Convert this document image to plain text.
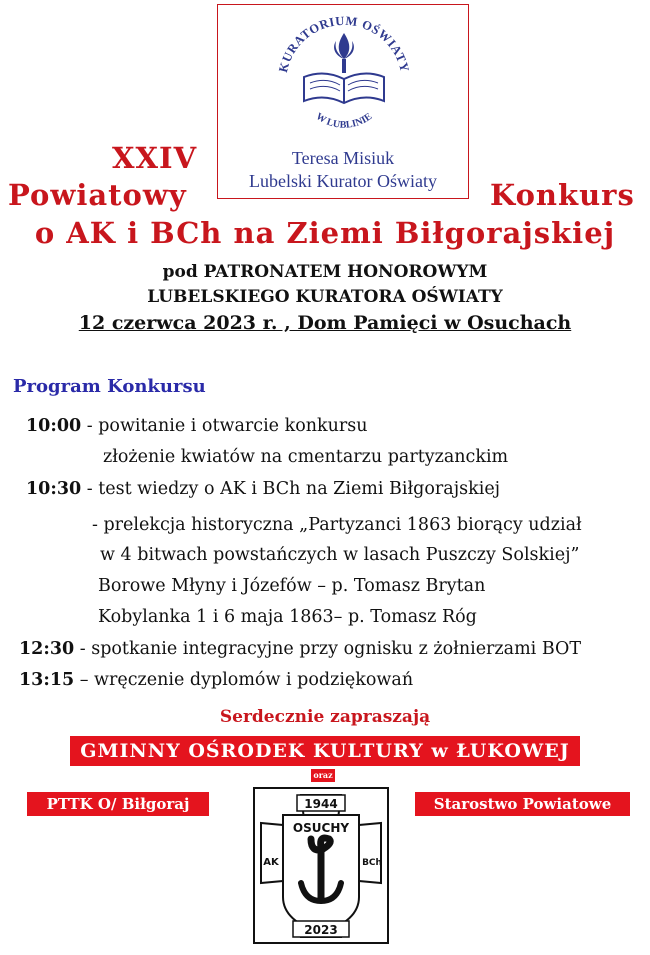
KURATORIUM OŚWIATY
W LUBLINIE
Teresa Misiuk
Lubelski Kurator Oświaty
XXIV
Powiatowy	Konkurs
o AK i BCh na Ziemi Biłgorajskiej
pod PATRONATEM HONOROWYM
LUBELSKIEGO KURATORA OŚWIATY
12 czerwca 2023 r. , Dom Pamięci w Osuchach
Program Konkursu
10:00 - powitanie i otwarcie konkursu
złożenie kwiatów na cmentarzu partyzanckim
10:30 - test wiedzy o AK i BCh na Ziemi Biłgorajskiej
- prelekcja historyczna „Partyzanci 1863 biorący udział
w 4 bitwach powstańczych w lasach Puszczy Solskiej”
Borowe Młyny i Józefów – p. Tomasz Brytan
Kobylanka 1 i 6 maja 1863– p. Tomasz Róg
12:30 - spotkanie integracyjne przy ognisku z żołnierzami BOT
13:15 – wręczenie dyplomów i podziękowań
Serdecznie zapraszają
GMINNY OŚRODEK KULTURY w ŁUKOWEJ
oraz
PTTK O/ Biłgoraj	Starostwo Powiatowe
1944
OSUCHY
AK	BCh
2023
